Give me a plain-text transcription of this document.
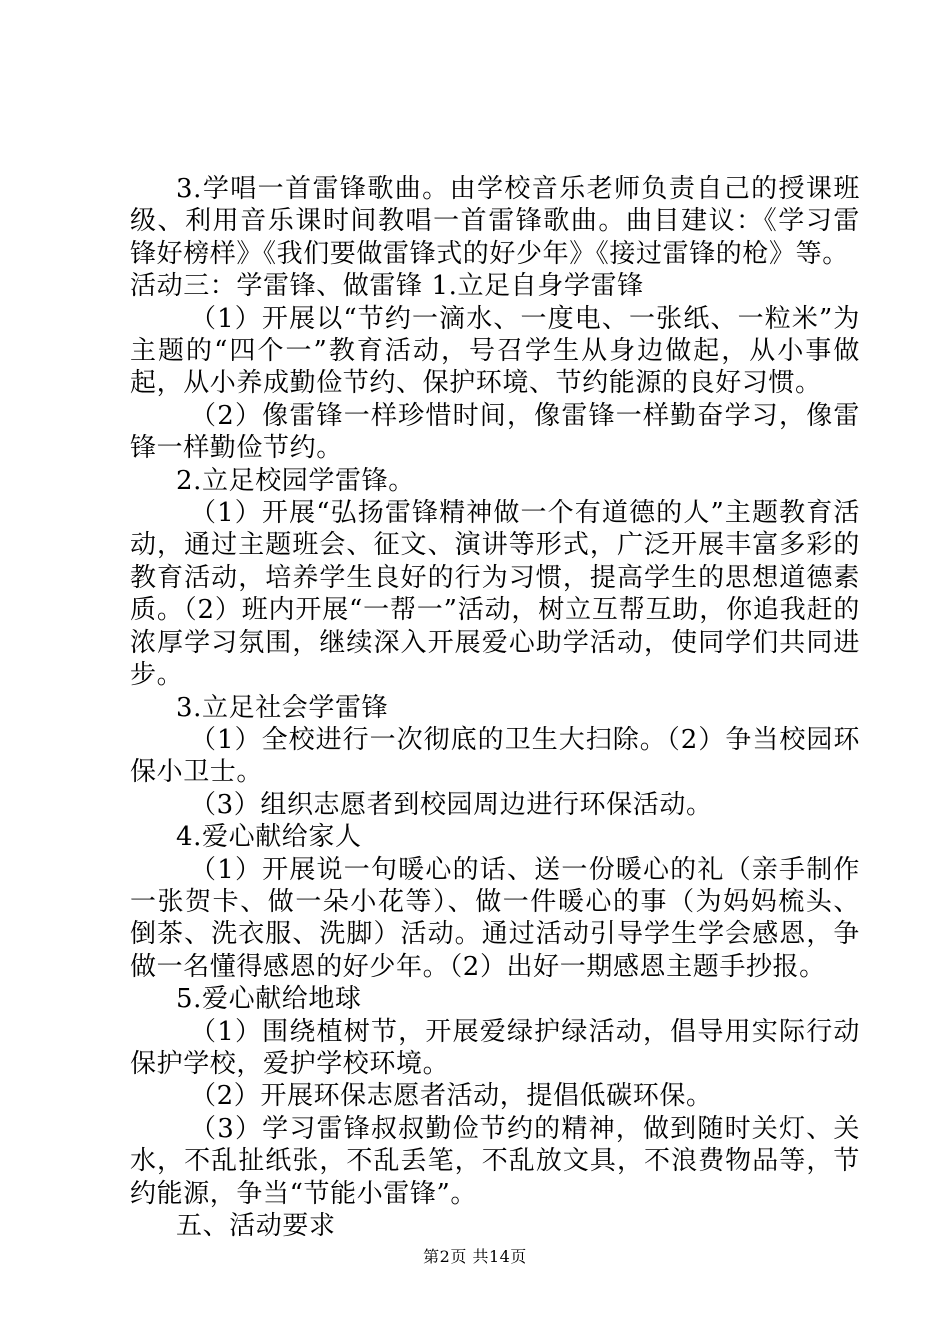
3.学唱一首雷锋歌曲。由学校音乐老师负责自己的授课班级、利用音乐课时间教唱一首雷锋歌曲。曲目建议：《学习雷锋好榜样》《我们要做雷锋式的好少年》《接过雷锋的枪》等。

活动三：学雷锋、做雷锋 1.立足自身学雷锋

（1）开展以“节约一滴水、一度电、一张纸、一粒米”为主题的“四个一”教育活动，号召学生从身边做起，从小事做起，从小养成勤俭节约、保护环境、节约能源的良好习惯。

（2）像雷锋一样珍惜时间，像雷锋一样勤奋学习，像雷锋一样勤俭节约。

2.立足校园学雷锋。

（1）开展“弘扬雷锋精神做一个有道德的人”主题教育活动，通过主题班会、征文、演讲等形式，广泛开展丰富多彩的教育活动，培养学生良好的行为习惯，提高学生的思想道德素质。（2）班内开展“一帮一”活动，树立互帮互助，你追我赶的浓厚学习氛围，继续深入开展爱心助学活动，使同学们共同进步。

3.立足社会学雷锋

（1）全校进行一次彻底的卫生大扫除。（2）争当校园环保小卫士。

（3）组织志愿者到校园周边进行环保活动。

4.爱心献给家人

（1）开展说一句暖心的话、送一份暖心的礼（亲手制作一张贺卡、做一朵小花等）、做一件暖心的事（为妈妈梳头、倒茶、洗衣服、洗脚）活动。通过活动引导学生学会感恩，争做一名懂得感恩的好少年。（2）出好一期感恩主题手抄报。

5.爱心献给地球

（1）围绕植树节，开展爱绿护绿活动，倡导用实际行动保护学校，爱护学校环境。

（2）开展环保志愿者活动，提倡低碳环保。

（3）学习雷锋叔叔勤俭节约的精神，做到随时关灯、关水，不乱扯纸张，不乱丢笔，不乱放文具，不浪费物品等，节约能源，争当“节能小雷锋”。

五、活动要求

第2页 共14页
